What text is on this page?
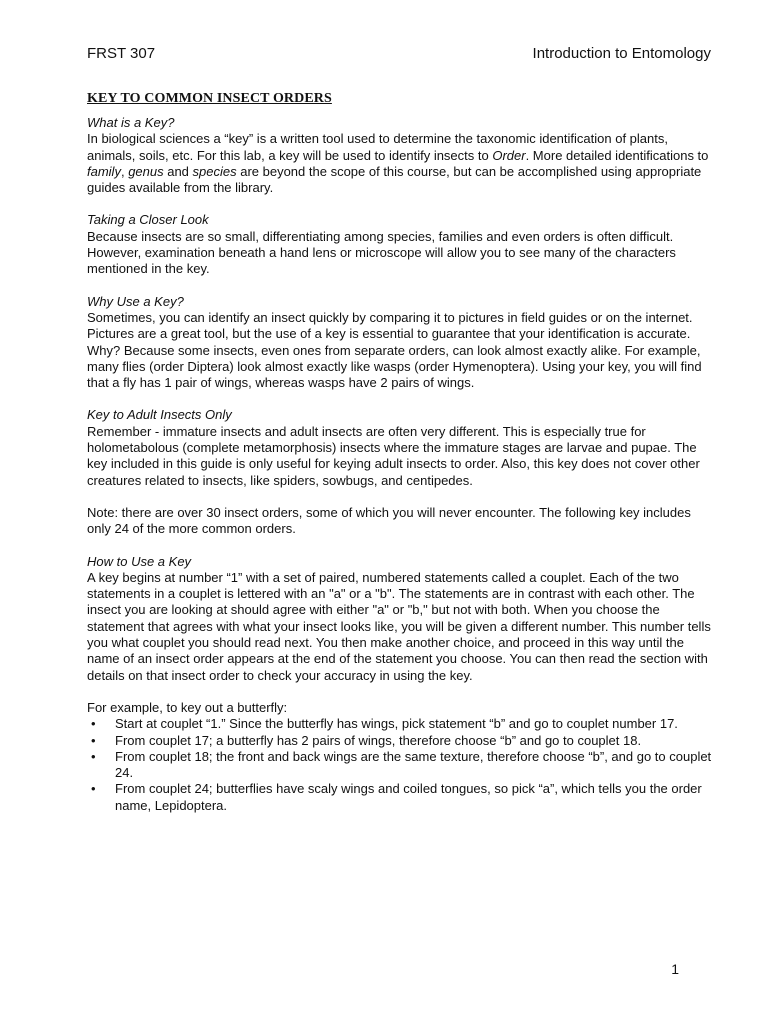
FRST 307	Introduction to Entomology
KEY TO COMMON INSECT ORDERS

What is a Key?

In biological sciences a “key” is a written tool used to determine the taxonomic identification of plants, animals, soils, etc. For this lab, a key will be used to identify insects to Order. More detailed identifications to family, genus and species are beyond the scope of this course, but can be accomplished using appropriate guides available from the library.

Taking a Closer Look

Because insects are so small, differentiating among species, families and even orders is often difficult. However, examination beneath a hand lens or microscope will allow you to see many of the characters mentioned in the key.

Why Use a Key?

Sometimes, you can identify an insect quickly by comparing it to pictures in field guides or on the internet. Pictures are a great tool, but the use of a key is essential to guarantee that your identification is accurate. Why? Because some insects, even ones from separate orders, can look almost exactly alike. For example, many flies (order Diptera) look almost exactly like wasps (order Hymenoptera). Using your key, you will find that a fly has 1 pair of wings, whereas wasps have 2 pairs of wings.

Key to Adult Insects Only

Remember - immature insects and adult insects are often very different. This is especially true for holometabolous (complete metamorphosis) insects where the immature stages are larvae and pupae. The key included in this guide is only useful for keying adult insects to order. Also, this key does not cover other creatures related to insects, like spiders, sowbugs, and centipedes.

Note: there are over 30 insect orders, some of which you will never encounter. The following key includes only 24 of the more common orders.

How to Use a Key

A key begins at number “1” with a set of paired, numbered statements called a couplet. Each of the two statements in a couplet is lettered with an "a" or a "b". The statements are in contrast with each other. The insect you are looking at should agree with either "a" or "b," but not with both. When you choose the statement that agrees with what your insect looks like, you will be given a different number. This number tells you what couplet you should read next. You then make another choice, and proceed in this way until the name of an insect order appears at the end of the statement you choose. You can then read the section with details on that insect order to check your accuracy in using the key.

For example, to key out a butterfly:

• Start at couplet “1.” Since the butterfly has wings, pick statement “b” and go to couplet number 17.
• From couplet 17; a butterfly has 2 pairs of wings, therefore choose “b” and go to couplet 18.
• From couplet 18; the front and back wings are the same texture, therefore choose “b”, and go to couplet 24.
• From couplet 24; butterflies have scaly wings and coiled tongues, so pick “a”, which tells you the order name, Lepidoptera.
1
